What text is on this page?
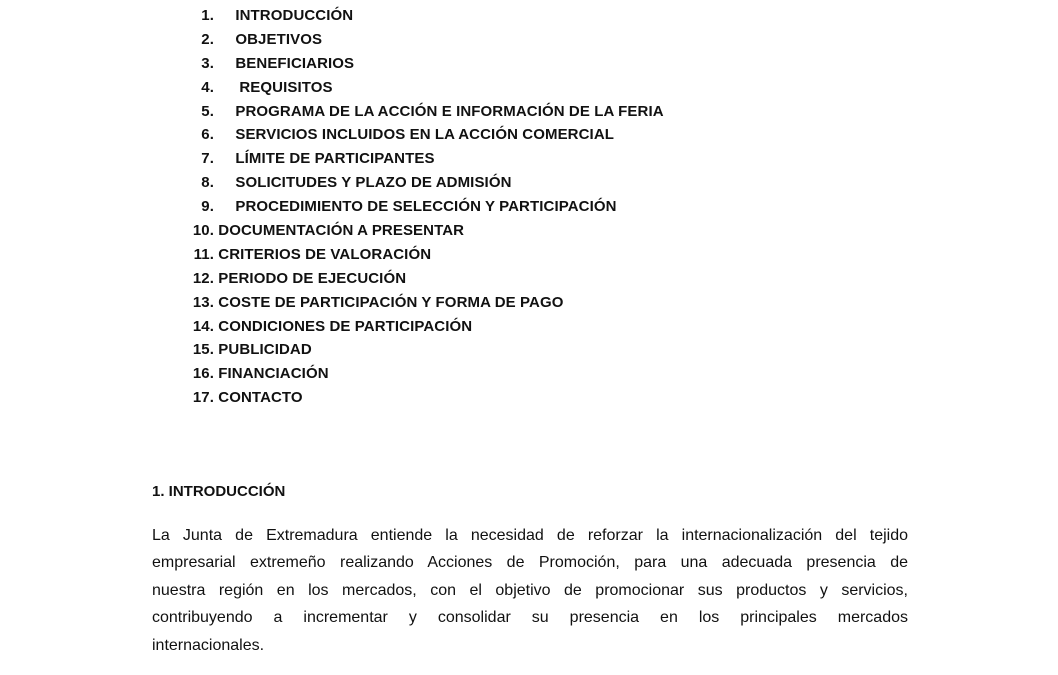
1. INTRODUCCIÓN
2. OBJETIVOS
3. BENEFICIARIOS
4. REQUISITOS
5. PROGRAMA DE LA ACCIÓN E INFORMACIÓN DE LA FERIA
6. SERVICIOS INCLUIDOS EN LA ACCIÓN COMERCIAL
7. LÍMITE DE PARTICIPANTES
8. SOLICITUDES Y PLAZO DE ADMISIÓN
9. PROCEDIMIENTO DE SELECCIÓN Y PARTICIPACIÓN
10. DOCUMENTACIÓN A PRESENTAR
11. CRITERIOS DE VALORACIÓN
12. PERIODO DE EJECUCIÓN
13. COSTE DE PARTICIPACIÓN Y FORMA DE PAGO
14. CONDICIONES DE PARTICIPACIÓN
15. PUBLICIDAD
16. FINANCIACIÓN
17. CONTACTO
1. INTRODUCCIÓN
La Junta de Extremadura entiende la necesidad de reforzar la internacionalización del tejido
empresarial extremeño realizando Acciones de Promoción, para una adecuada presencia de
nuestra región en los mercados, con el objetivo de promocionar sus productos y servicios,
contribuyendo a incrementar y consolidar su presencia en los principales mercados
internacionales.
